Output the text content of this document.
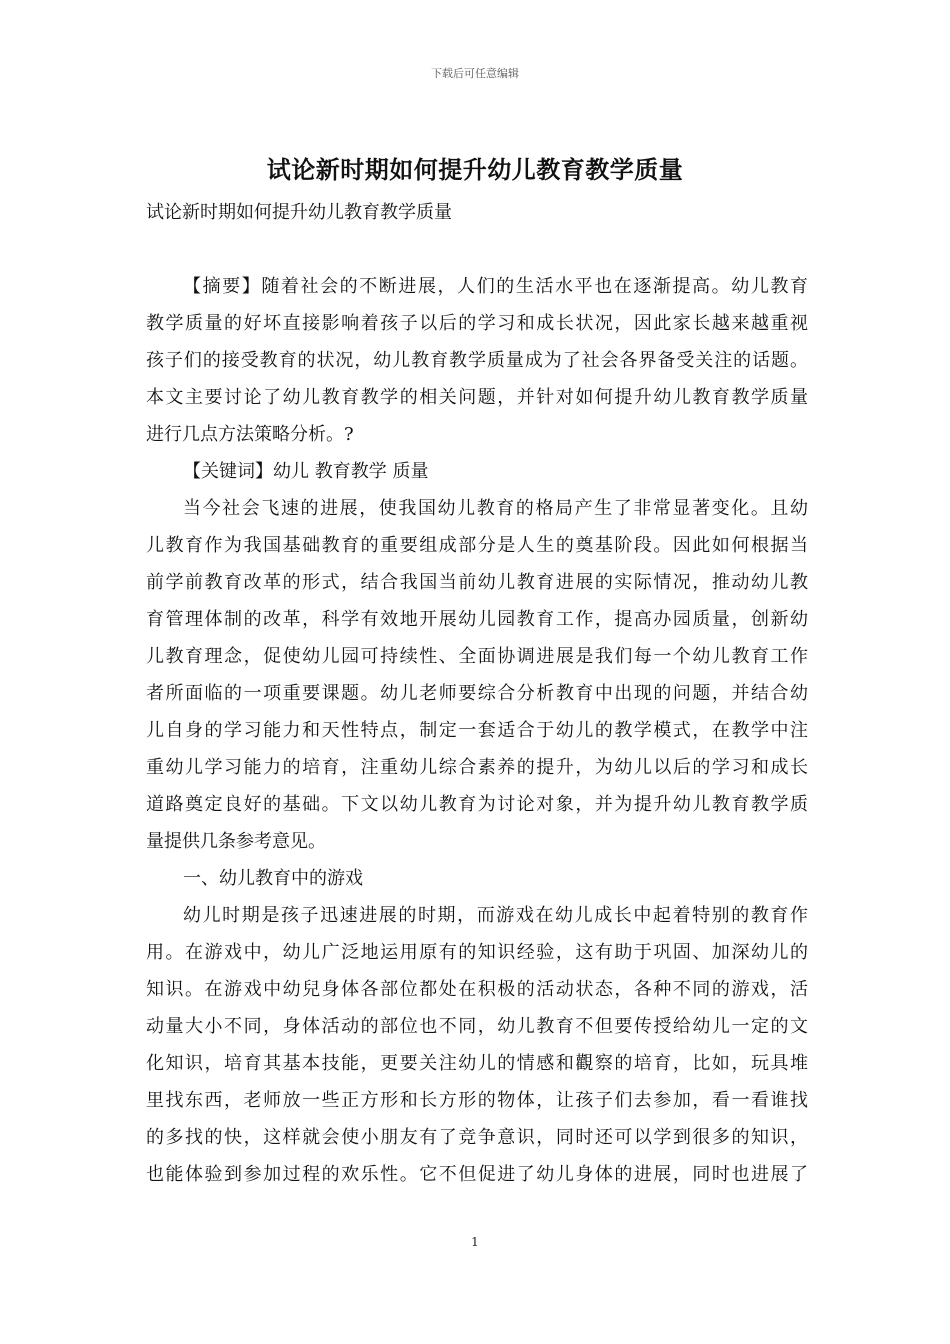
下载后可任意编辑
试论新时期如何提升幼儿教育教学质量
试论新时期如何提升幼儿教育教学质量
【摘要】随着社会的不断进展，人们的生活水平也在逐渐提高。幼儿教育
教学质量的好坏直接影响着孩子以后的学习和成长状况，因此家长越来越重视
孩子们的接受教育的状况，幼儿教育教学质量成为了社会各界备受关注的话题。
本文主要讨论了幼儿教育教学的相关问题，并针对如何提升幼儿教育教学质量
进行几点方法策略分析。?
【关键词】幼儿 教育教学 质量
当今社会飞速的进展，使我国幼儿教育的格局产生了非常显著变化。且幼
儿教育作为我国基础教育的重要组成部分是人生的奠基阶段。因此如何根据当
前学前教育改革的形式，结合我国当前幼儿教育进展的实际情况，推动幼儿教
育管理体制的改革，科学有效地开展幼儿园教育工作，提高办园质量，创新幼
儿教育理念，促使幼儿园可持续性、全面协调进展是我们每一个幼儿教育工作
者所面临的一项重要课题。幼儿老师要综合分析教育中出现的问题，并结合幼
儿自身的学习能力和天性特点，制定一套适合于幼儿的教学模式，在教学中注
重幼儿学习能力的培育，注重幼儿综合素养的提升，为幼儿以后的学习和成长
道路奠定良好的基础。下文以幼儿教育为讨论对象，并为提升幼儿教育教学质
量提供几条参考意见。
一、幼儿教育中的游戏
幼儿时期是孩子迅速进展的时期，而游戏在幼儿成长中起着特别的教育作
用。在游戏中，幼儿广泛地运用原有的知识经验，这有助于巩固、加深幼儿的
知识。在游戏中幼兒身体各部位都处在积极的活动状态，各种不同的游戏，活
动量大小不同，身体活动的部位也不同，幼儿教育不但要传授给幼儿一定的文
化知识，培育其基本技能，更要关注幼儿的情感和觀察的培育，比如，玩具堆
里找东西，老师放一些正方形和长方形的物体，让孩子们去参加，看一看谁找
的多找的快，这样就会使小朋友有了竞争意识，同时还可以学到很多的知识，
也能体验到参加过程的欢乐性。它不但促进了幼儿身体的进展，同时也进展了
1
